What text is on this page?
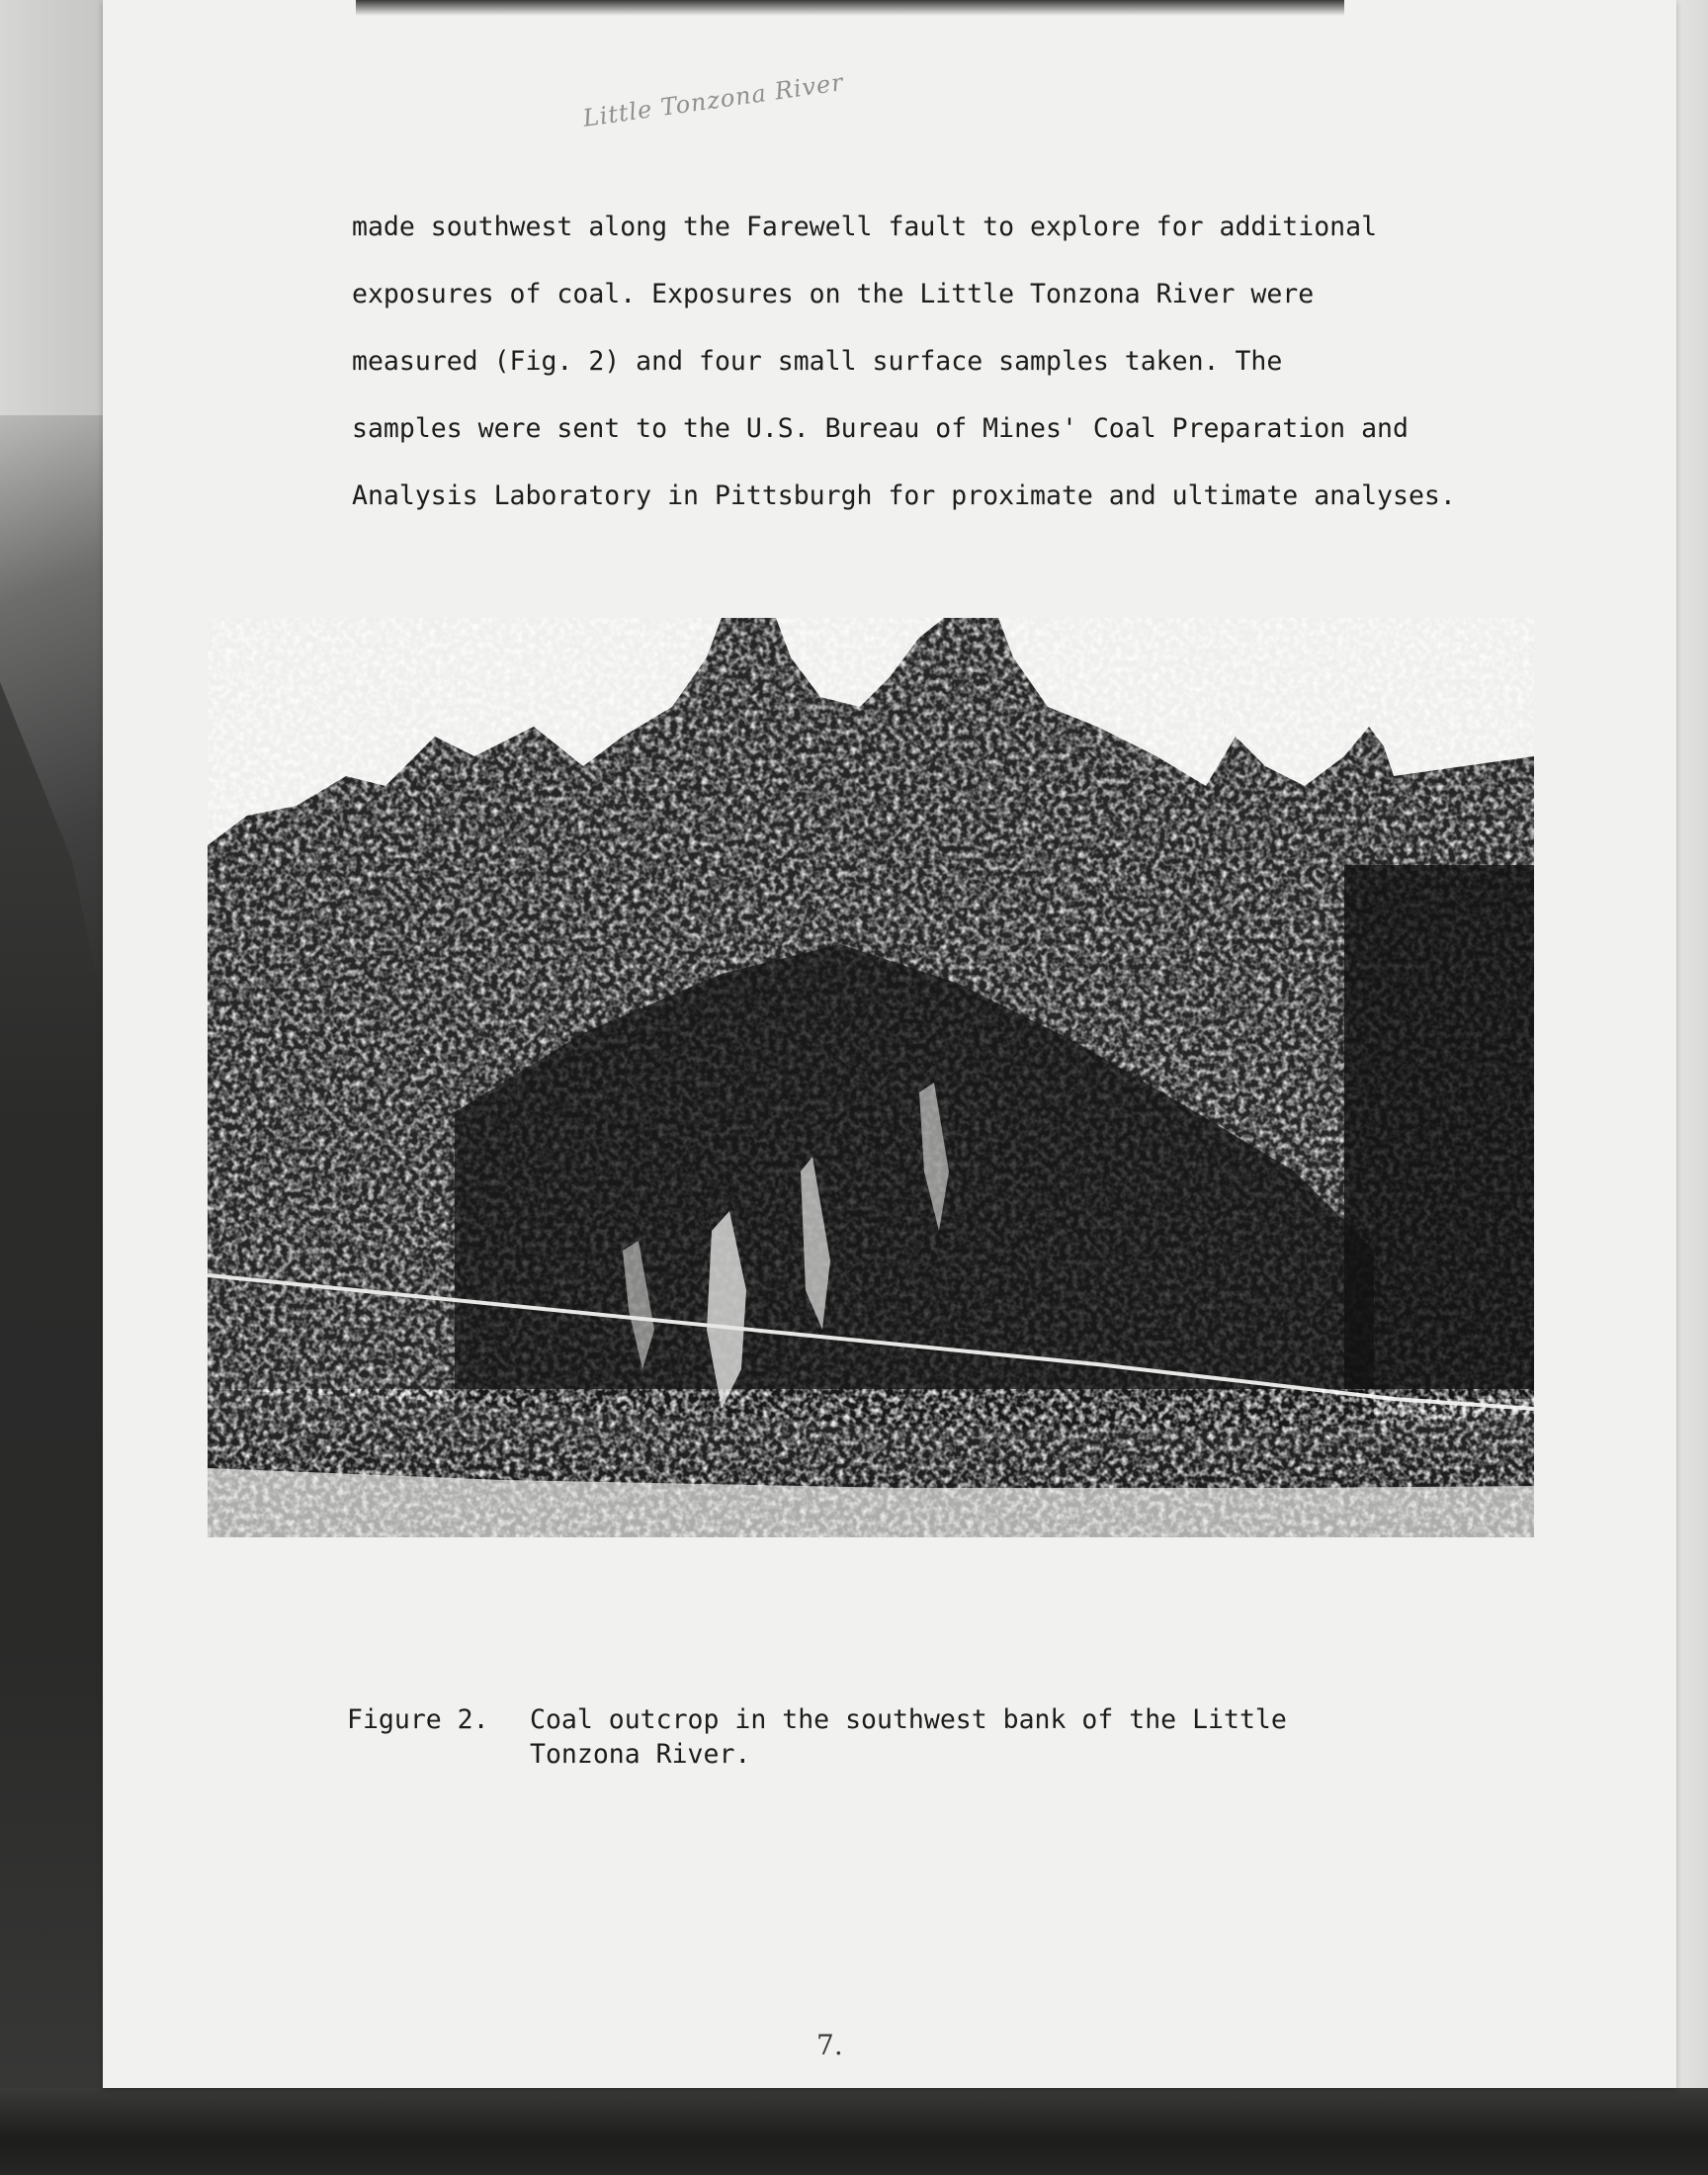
Little Tonzona River
made southwest along the Farewell fault to explore for additional
exposures of coal. Exposures on the Little Tonzona River were
measured (Fig. 2) and four small surface samples taken. The
samples were sent to the U.S. Bureau of Mines' Coal Preparation and
Analysis Laboratory in Pittsburgh for proximate and ultimate analyses.
Figure 2. Coal outcrop in the southwest bank of the Little
Tonzona River.
7.
